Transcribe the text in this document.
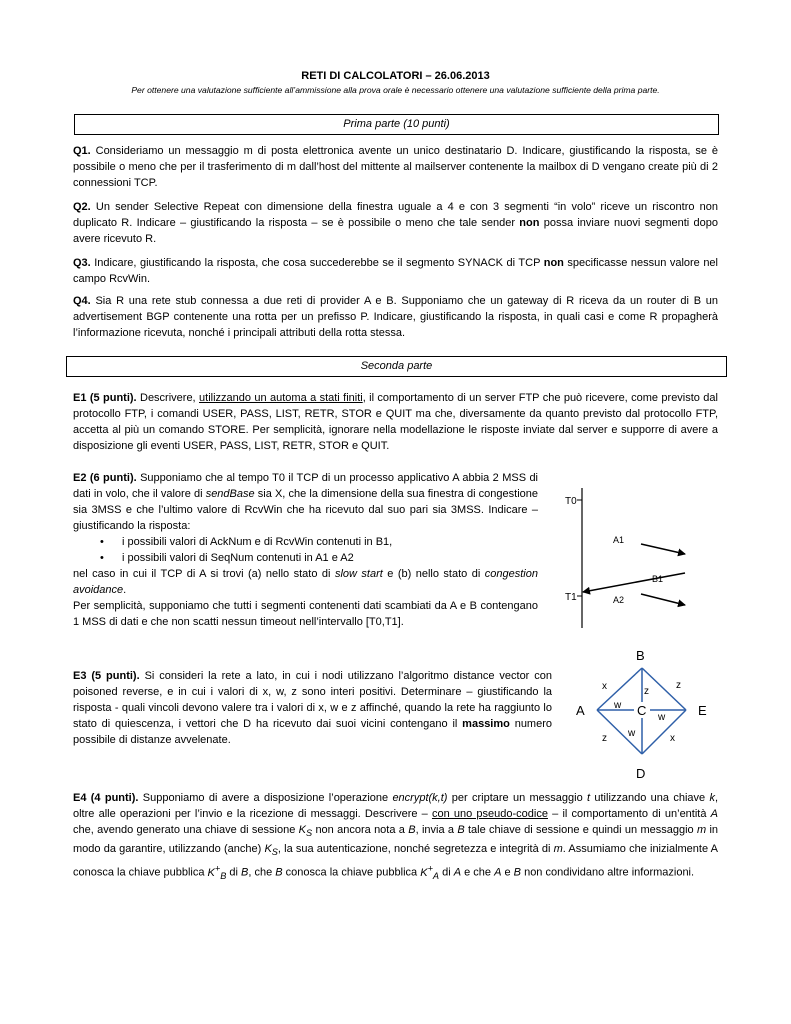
RETI DI CALCOLATORI – 26.06.2013
Per ottenere una valutazione sufficiente all’ammissione alla prova orale è necessario ottenere una valutazione sufficiente della prima parte.
Prima parte (10 punti)
Q1. Consideriamo un messaggio m di posta elettronica avente un unico destinatario D. Indicare, giustificando la risposta, se è possibile o meno che per il trasferimento di m dall’host del mittente al mailserver contenente la mailbox di D vengano create più di 2 connessioni TCP.
Q2. Un sender Selective Repeat con dimensione della finestra uguale a 4 e con 3 segmenti “in volo” riceve un riscontro non duplicato R. Indicare – giustificando la risposta – se è possibile o meno che tale sender non possa inviare nuovi segmenti dopo avere ricevuto R.
Q3. Indicare, giustificando la risposta, che cosa succederebbe se il segmento SYNACK di TCP non specificasse nessun valore nel campo RcvWin.
Q4. Sia R una rete stub connessa a due reti di provider A e B. Supponiamo che un gateway di R riceva da un router di B un advertisement BGP contenente una rotta per un prefisso P. Indicare, giustificando la risposta, in quali casi e come R propagherà l’informazione ricevuta, nonché i principali attributi della rotta stessa.
Seconda parte
E1 (5 punti). Descrivere, utilizzando un automa a stati finiti, il comportamento di un server FTP che può ricevere, come previsto dal protocollo FTP, i comandi USER, PASS, LIST, RETR, STOR e QUIT ma che, diversamente da quanto previsto dal protocollo FTP, accetta al più un comando STORE. Per semplicità, ignorare nella modellazione le risposte inviate dal server e supporre di avere a disposizione gli eventi USER, PASS, LIST, RETR, STOR e QUIT.
E2 (6 punti). Supponiamo che al tempo T0 il TCP di un processo applicativo A abbia 2 MSS di dati in volo, che il valore di sendBase sia X, che la dimensione della sua finestra di congestione sia 3MSS e che l’ultimo valore di RcvWin che ha ricevuto dal suo pari sia 3MSS. Indicare – giustificando la risposta:
• i possibili valori di AckNum e di RcvWin contenuti in B1,
• i possibili valori di SeqNum contenuti in A1 e A2
nel caso in cui il TCP di A si trovi (a) nello stato di slow start e (b) nello stato di congestion avoidance.
Per semplicità, supponiamo che tutti i segmenti contenenti dati scambiati da A e B contengano 1 MSS di dati e che non scatti nessun timeout nell’intervallo [T0,T1].
T0
T1
A1
B1
A2
E3 (5 punti). Si consideri la rete a lato, in cui i nodi utilizzano l’algoritmo distance vector con poisoned reverse, e in cui i valori di x, w, z sono interi positivi. Determinare – giustificando la risposta - quali vincoli devono valere tra i valori di x, w e z affinché, quando la rete ha raggiunto lo stato di quiescenza, i vettori che D ha ricevuto dai suoi vicini contengano il massimo numero possibile di distanze avvelenate.
B
A	C	E
D
x	z
z
w
w
w
z	x
E4 (4 punti). Supponiamo di avere a disposizione l’operazione encrypt(k,t) per criptare un messaggio t utilizzando una chiave k, oltre alle operazioni per l’invio e la ricezione di messaggi. Descrivere – con uno pseudo-codice – il comportamento di un’entità A che, avendo generato una chiave di sessione $K_S$ non ancora nota a B, invia a B tale chiave di sessione e quindi un messaggio m in modo da garantire, utilizzando (anche) $K_S$, la sua autenticazione, nonché segretezza e integrità di m. Assumiamo che inizialmente A conosca la chiave pubblica $K^+_B$ di B, che B conosca la chiave pubblica $K^+_A$ di A e che A e B non condividano altre informazioni.
